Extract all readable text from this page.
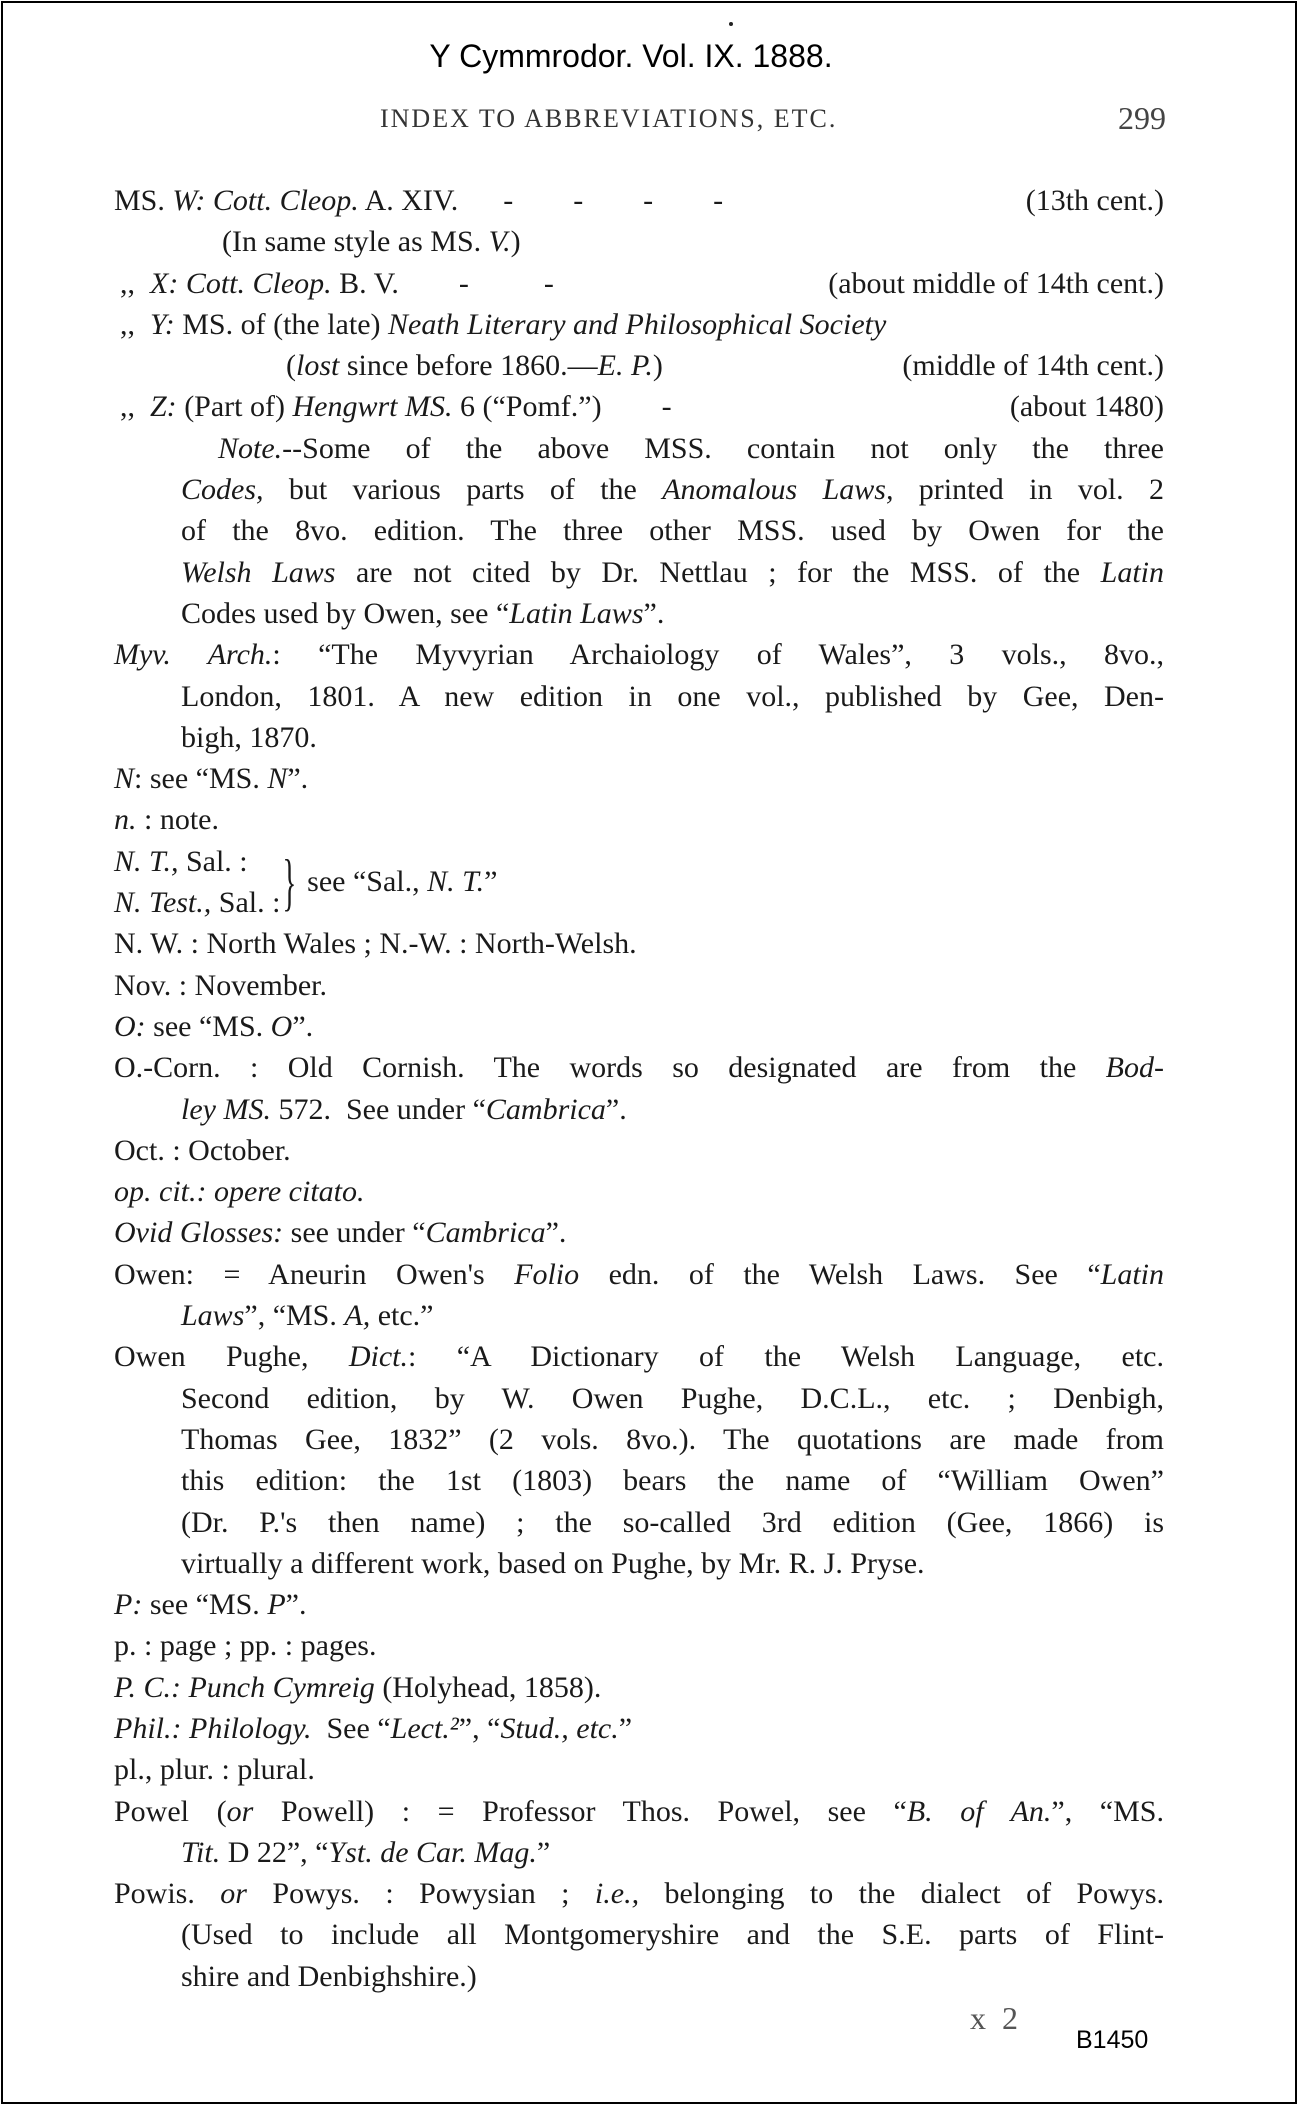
Y Cymmrodor. Vol. IX. 1888.
INDEX TO ABBREVIATIONS, ETC.	299
MS. W: Cott. Cleop. A. XIV.      -        -        -        -	(13th cent.)
(In same style as MS. V.)
,,  X: Cott. Cleop. B. V.        -          -	(about middle of 14th cent.)
,,  Y: MS. of (the late) Neath Literary and Philosophical Society
(lost since before 1860.—E. P.)	(middle of 14th cent.)
,,  Z: (Part of) Hengwrt MS. 6 (“Pomf.”)        -	(about 1480)
Note.--Some of the above MSS. contain not only the three
Codes, but various parts of the Anomalous Laws, printed in vol. 2
of the 8vo. edition. The three other MSS. used by Owen for the
Welsh Laws are not cited by Dr. Nettlau ; for the MSS. of the Latin
Codes used by Owen, see “Latin Laws”.
Myv. Arch.: “The Myvyrian Archaiology of Wales”, 3 vols., 8vo.,
London, 1801. A new edition in one vol., published by Gee, Den-
bigh, 1870.
N: see “MS. N”.
n. : note.
N. T., Sal. :
N. Test., Sal. : } see “Sal., N. T.”
N. W. : North Wales ; N.-W. : North-Welsh.
Nov. : November.
O: see “MS. O”.
O.-Corn. : Old Cornish. The words so designated are from the Bod-
ley MS. 572.  See under “Cambrica”.
Oct. : October.
op. cit.: opere citato.
Ovid Glosses: see under “Cambrica”.
Owen: = Aneurin Owen's Folio edn. of the Welsh Laws. See “Latin
Laws”, “MS. A, etc.”
Owen Pughe, Dict.: “A Dictionary of the Welsh Language, etc.
Second edition, by W. Owen Pughe, D.C.L., etc. ; Denbigh,
Thomas Gee, 1832” (2 vols. 8vo.). The quotations are made from
this edition: the 1st (1803) bears the name of “William Owen”
(Dr. P.'s then name) ; the so-called 3rd edition (Gee, 1866) is
virtually a different work, based on Pughe, by Mr. R. J. Pryse.
P: see “MS. P”.
p. : page ; pp. : pages.
P. C.: Punch Cymreig (Holyhead, 1858).
Phil.: Philology.  See “Lect.²”, “Stud., etc.”
pl., plur. : plural.
Powel (or Powell) : = Professor Thos. Powel, see “B. of An.”, “MS.
Tit. D 22”, “Yst. de Car. Mag.”
Powis. or Powys. : Powysian ; i.e., belonging to the dialect of Powys.
(Used to include all Montgomeryshire and the S.E. parts of Flint-
shire and Denbighshire.)
x 2
B1450
